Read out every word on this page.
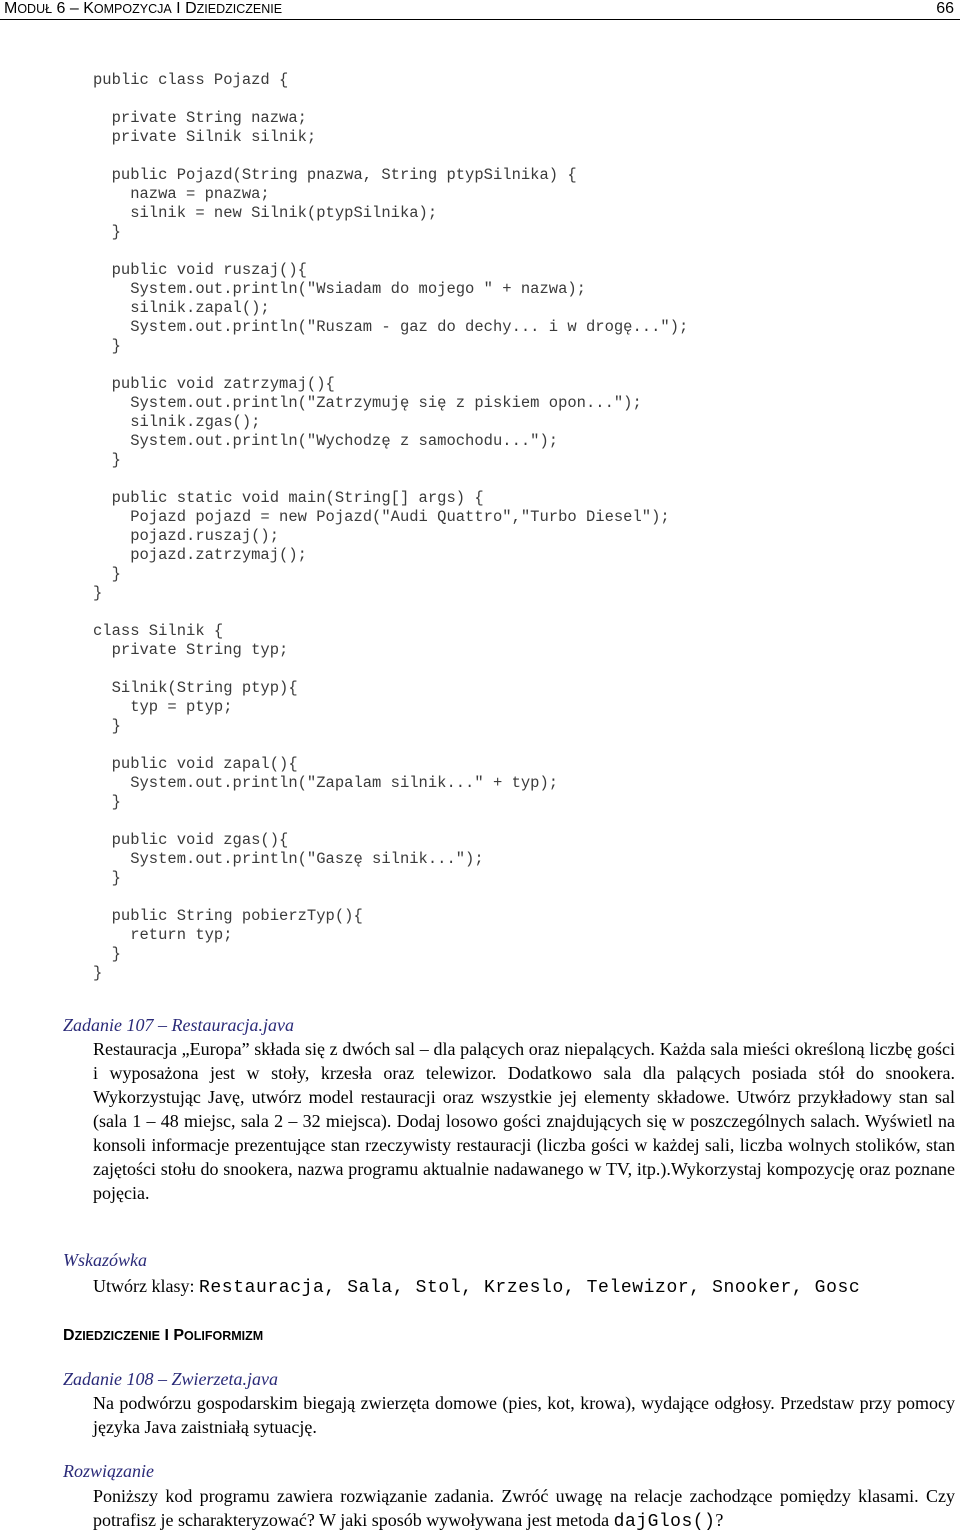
MODUŁ 6 – KOMPOZYCJA I DZIEDZICZENIE	66
public class Pojazd {

private String nazwa;
private Silnik silnik;

public Pojazd(String pnazwa, String ptypSilnika) {
nazwa = pnazwa;
silnik = new Silnik(ptypSilnika);
}

public void ruszaj(){
System.out.println("Wsiadam do mojego " + nazwa);
silnik.zapal();
System.out.println("Ruszam - gaz do dechy... i w drogę...");
}

public void zatrzymaj(){
System.out.println("Zatrzymuję się z piskiem opon...");
silnik.zgas();
System.out.println("Wychodzę z samochodu...");
}

public static void main(String[] args) {
Pojazd pojazd = new Pojazd("Audi Quattro","Turbo Diesel");
pojazd.ruszaj();
pojazd.zatrzymaj();
}
}

class Silnik {
private String typ;

Silnik(String ptyp){
typ = ptyp;
}

public void zapal(){
System.out.println("Zapalam silnik..." + typ);
}

public void zgas(){
System.out.println("Gaszę silnik...");
}

public String pobierzTyp(){
return typ;
}
}
Zadanie 107 – Restauracja.java

Restauracja „Europa” składa się z dwóch sal – dla palących oraz niepalących. Każda sala mieści określoną liczbę gości i wyposażona jest w stoły, krzesła oraz telewizor. Dodatkowo sala dla palących posiada stół do snookera. Wykorzystując Javę, utwórz model restauracji oraz wszystkie jej elementy składowe. Utwórz przykładowy stan sal (sala 1 – 48 miejsc, sala 2 – 32 miejsca). Dodaj losowo gości znajdujących się w poszczególnych salach. Wyświetl na konsoli informacje prezentujące stan rzeczywisty restauracji (liczba gości w każdej sali, liczba wolnych stolików, stan zajętości stołu do snookera, nazwa programu aktualnie nadawanego w TV, itp.).Wykorzystaj kompozycję oraz poznane pojęcia.

Wskazówka
Utwórz klasy: Restauracja, Sala, Stol, Krzeslo, Telewizor, Snooker, Gosc
DZIEDZICZENIE I POLIFORMIZM
Zadanie 108 – Zwierzeta.java

Na podwórzu gospodarskim biegają zwierzęta domowe (pies, kot, krowa), wydające odgłosy. Przedstaw przy pomocy języka Java zaistniałą sytuację.

Rozwiązanie

Poniższy kod programu zawiera rozwiązanie zadania. Zwróć uwagę na relacje zachodzące pomiędzy klasami. Czy potrafisz je scharakteryzować? W jaki sposób wywoływana jest metoda dajGlos()?
